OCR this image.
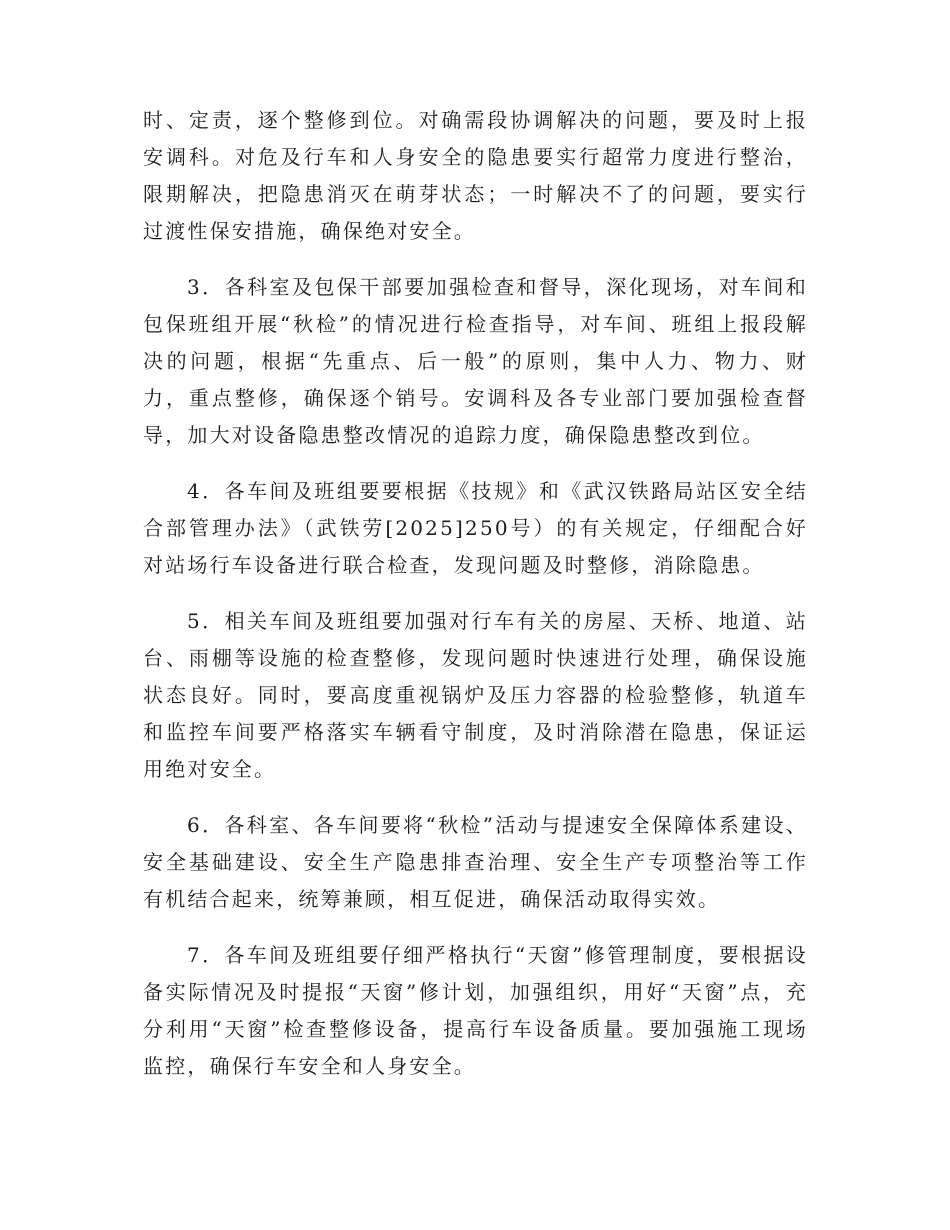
时、定责，逐个整修到位。对确需段协调解决的问题，要及时上报安调科。对危及行车和人身安全的隐患要实行超常力度进行整治，限期解决，把隐患消灭在萌芽状态；一时解决不了的问题，要实行过渡性保安措施，确保绝对安全。

3．各科室及包保干部要加强检查和督导，深化现场，对车间和包保班组开展“秋检”的情况进行检查指导，对车间、班组上报段解决的问题，根据“先重点、后一般”的原则，集中人力、物力、财力，重点整修，确保逐个销号。安调科及各专业部门要加强检查督导，加大对设备隐患整改情况的追踪力度，确保隐患整改到位。

4．各车间及班组要要根据《技规》和《武汉铁路局站区安全结合部管理办法》（武铁劳[2025]250号）的有关规定，仔细配合好对站场行车设备进行联合检查，发现问题及时整修，消除隐患。

5．相关车间及班组要加强对行车有关的房屋、天桥、地道、站台、雨棚等设施的检查整修，发现问题时快速进行处理，确保设施状态良好。同时，要高度重视锅炉及压力容器的检验整修，轨道车和监控车间要严格落实车辆看守制度，及时消除潜在隐患，保证运用绝对安全。

6．各科室、各车间要将“秋检”活动与提速安全保障体系建设、安全基础建设、安全生产隐患排查治理、安全生产专项整治等工作有机结合起来，统筹兼顾，相互促进，确保活动取得实效。

7．各车间及班组要仔细严格执行“天窗”修管理制度，要根据设备实际情况及时提报“天窗”修计划，加强组织，用好“天窗”点，充分利用“天窗”检查整修设备，提高行车设备质量。要加强施工现场监控，确保行车安全和人身安全。
